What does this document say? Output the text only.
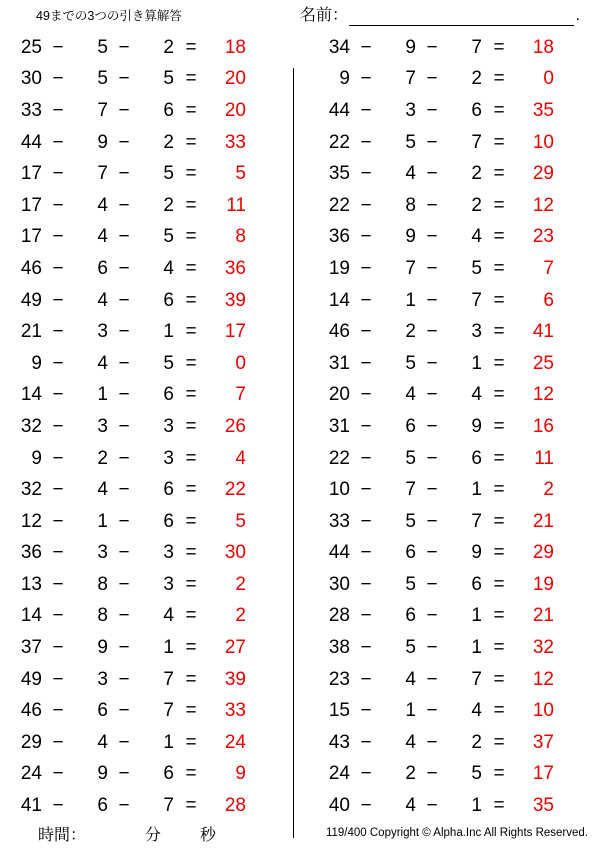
49までの3つの引き算解答	名前：	.
25 −	5 −	2 =	18
30 −	5 −	5 =	20
33 −	7 −	6 =	20
44 −	9 −	2 =	33
17 −	7 −	5 =	5
17 −	4 −	2 =	11
17 −	4 −	5 =	8
46 −	6 −	4 =	36
49 −	4 −	6 =	39
21 −	3 −	1 =	17
9 −	4 −	5 =	0
14 −	1 −	6 =	7
32 −	3 −	3 =	26
9 −	2 −	3 =	4
32 −	4 −	6 =	22
12 −	1 −	6 =	5
36 −	3 −	3 =	30
13 −	8 −	3 =	2
14 −	8 −	4 =	2
37 −	9 −	1 =	27
49 −	3 −	7 =	39
46 −	6 −	7 =	33
29 −	4 −	1 =	24
24 −	9 −	6 =	9
41 −	6 −	7 =	28
34 −	9 −	7 =	18
9 −	7 −	2 =	0
44 −	3 −	6 =	35
22 −	5 −	7 =	10
35 −	4 −	2 =	29
22 −	8 −	2 =	12
36 −	9 −	4 =	23
19 −	7 −	5 =	7
14 −	1 −	7 =	6
46 −	2 −	3 =	41
31 −	5 −	1 =	25
20 −	4 −	4 =	12
31 −	6 −	9 =	16
22 −	5 −	6 =	11
10 −	7 −	1 =	2
33 −	5 −	7 =	21
44 −	6 −	9 =	29
30 −	5 −	6 =	19
28 −	6 −	1 =	21
38 −	5 −	1 =	32
23 −	4 −	7 =	12
15 −	1 −	4 =	10
43 −	4 −	2 =	37
24 −	2 −	5 =	17
40 −	4 −	1 =	35
時間：	分 秒	119/400 Copyright © Alpha.Inc All Rights Reserved.
